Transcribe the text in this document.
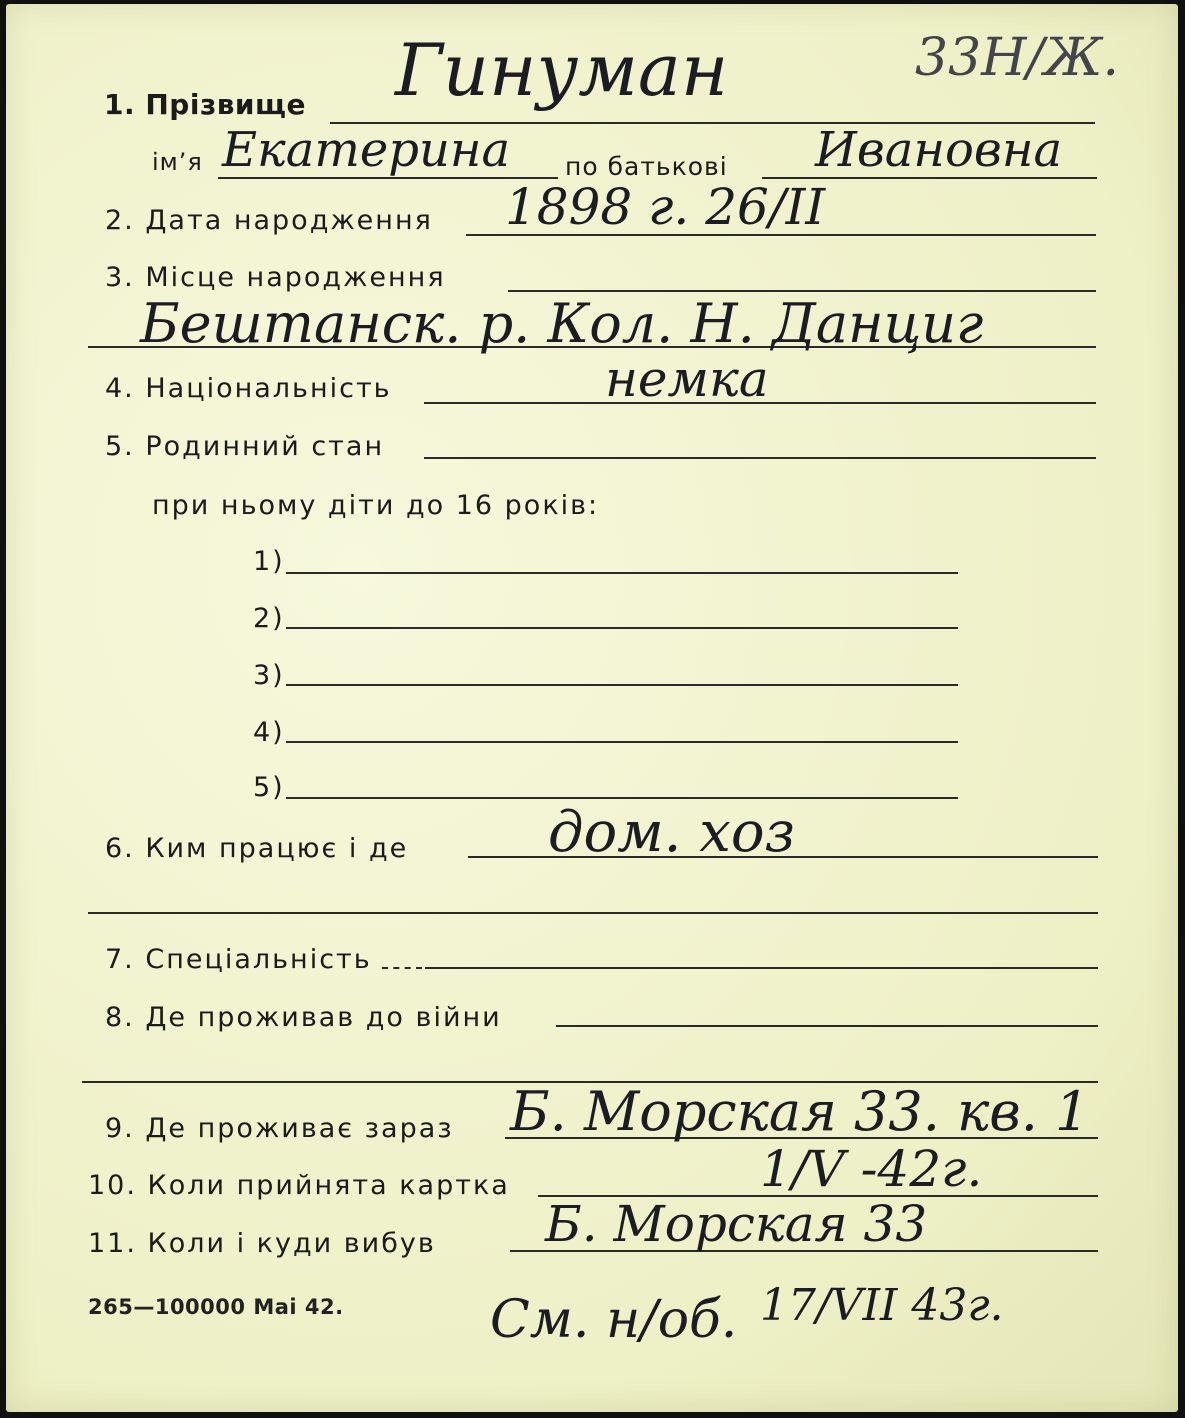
1. Прізвище Гинуман	33Н/Ж.
ім’я Екатерина по батькові Ивановна
2. Дата народження 1898 г. 26/II
3. Місце народження
Бештанск. р. Кол. Н. Данциг
4. Національність	немка
5. Родинний стан
при ньому діти до 16 років:
1)
2)
3)
4)
5)
6. Ким працює і де дом. хоз
7. Спеціальність
8. Де проживав до війни
9. Де проживає зараз Б. Морская 33. кв. 1
10. Коли прийнята картка	1/V -42г.
11. Коли і куди вибув Б. Морская 33
265—100000 Mai 42.	См. н/об. 17/VII 43г.
